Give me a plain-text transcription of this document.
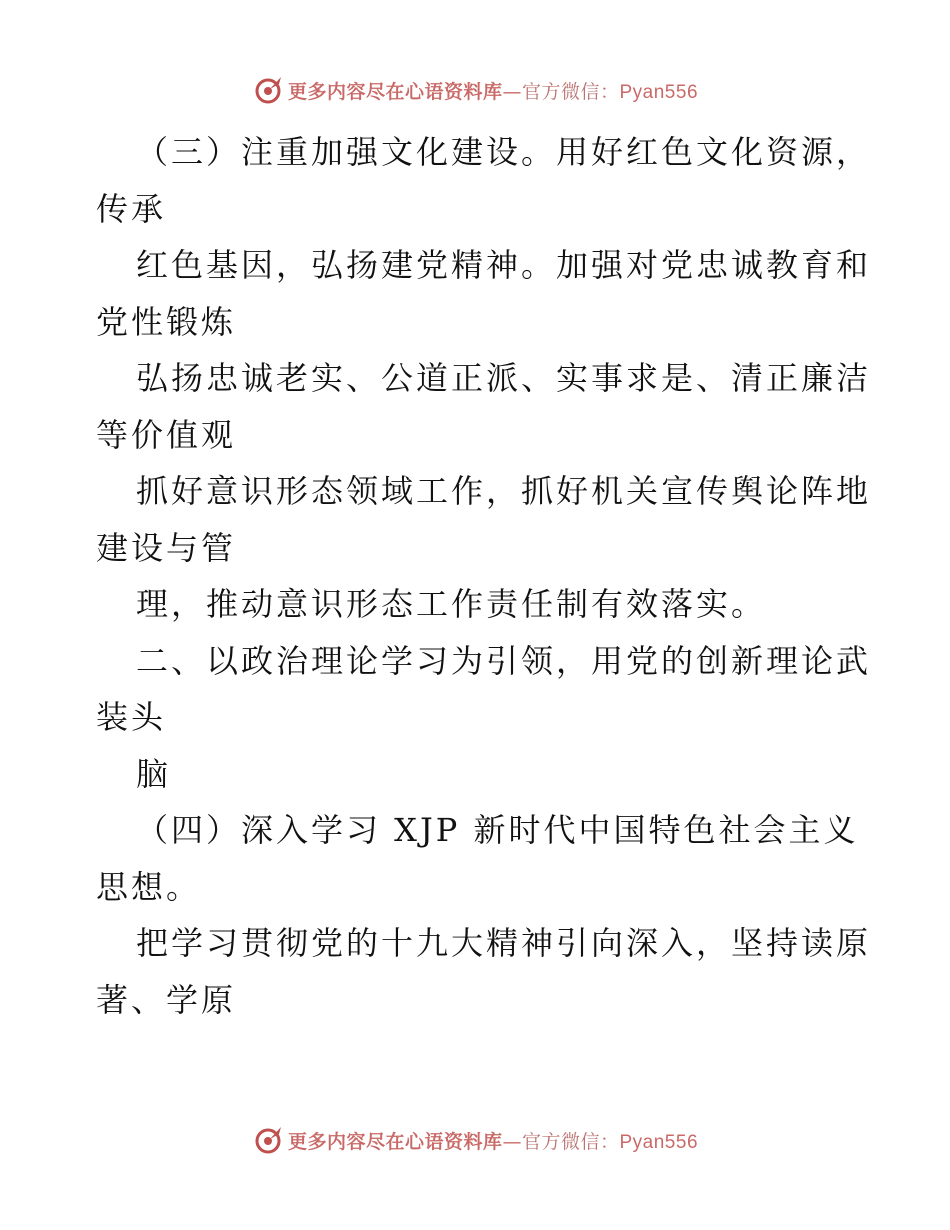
更多内容尽在心语资料库—官方微信：Pyan556
（三）注重加强文化建设。用好红色文化资源，
传承
红色基因，弘扬建党精神。加强对党忠诚教育和
党性锻炼
弘扬忠诚老实、公道正派、实事求是、清正廉洁
等价值观
抓好意识形态领域工作，抓好机关宣传舆论阵地
建设与管
理，推动意识形态工作责任制有效落实。
二、以政治理论学习为引领，用党的创新理论武
装头
脑
（四）深入学习 XJP 新时代中国特色社会主义
思想。
把学习贯彻党的十九大精神引向深入，坚持读原
著、学原
更多内容尽在心语资料库—官方微信：Pyan556
